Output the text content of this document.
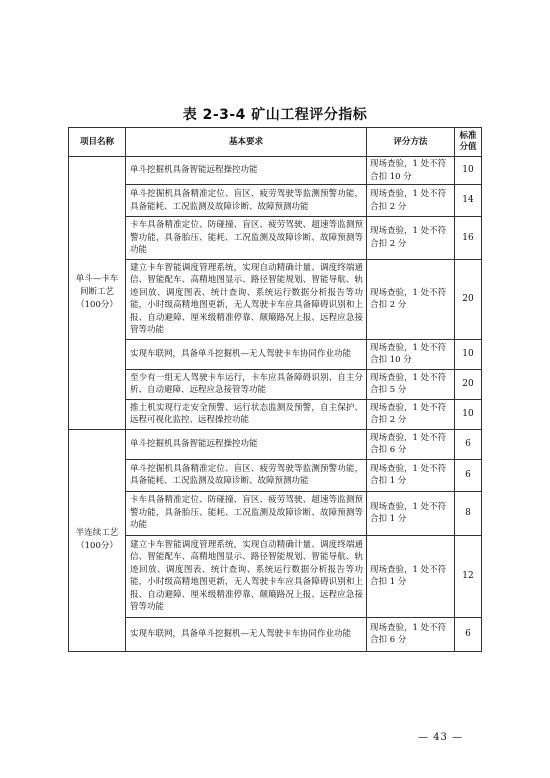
表 2-3-4 矿山工程评分指标
项目名称	基本要求	评分方法	标准
分值
单斗—卡车间断工艺（100分）	单斗挖掘机具备智能远程操控功能	现场查验，1 处不符合扣 10 分	10
	单斗挖掘机具备精准定位、盲区、疲劳驾驶等监测预警功能，具备能耗、工况监测及故障诊断、故障预测功能	现场查验，1 处不符合扣 2 分	14
	卡车具备精准定位、防碰撞、盲区、疲劳驾驶、超速等监测预警功能，具备胎压、能耗、工况监测及故障诊断、故障预测等功能	现场查验，1 处不符合扣 2 分	16
	建立卡车智能调度管理系统，实现自动精确计量、调度终端通信、智能配车、高精地图显示、路径智能规划、智能导航、轨迹回放、调度图表、统计查询、系统运行数据分析报告等功能，小时级高精地图更新，无人驾驶卡车应具备障碍识别和上报、自动避障、厘米级精准停靠、颠簸路况上报、远程应急接管等功能	现场查验，1 处不符合扣 2 分	20
	实现车联网，具备单斗挖掘机—无人驾驶卡车协同作业功能	现场查验，1 处不符合扣 10 分	10
	至少有一组无人驾驶卡车运行，卡车应具备障碍识别、自主分析、自动避障、远程应急接管等功能	现场查验，1 处不符合扣 5 分	20
	推土机实现行走安全预警、运行状态监测及预警，自主保护、远程可视化监控、远程操控功能	现场查验，1 处不符合扣 2 分	10
半连续工艺（100分）	单斗挖掘机具备智能远程操控功能	现场查验，1 处不符合扣 6 分	6
	单斗挖掘机具备精准定位、盲区、疲劳驾驶等监测预警功能，具备能耗、工况监测及故障诊断、故障预测功能	现场查验，1 处不符合扣 1 分	6
	卡车具备精准定位、防碰撞、盲区、疲劳驾驶、超速等监测预警功能，具备胎压、能耗、工况监测及故障诊断、故障预测等功能	现场查验，1 处不符合扣 1 分	8
	建立卡车智能调度管理系统，实现自动精确计量、调度终端通信、智能配车、高精地图显示、路径智能规划、智能导航、轨迹回放、调度图表、统计查询、系统运行数据分析报告等功能，小时级高精地图更新，无人驾驶卡车应具备障碍识别和上报、自动避障、厘米级精准停靠、颠簸路况上报、远程应急接管等功能	现场查验，1 处不符合扣 1 分	12
	实现车联网，具备单斗挖掘机—无人驾驶卡车协同作业功能	现场查验，1 处不符合扣 6 分	6
— 43 —
